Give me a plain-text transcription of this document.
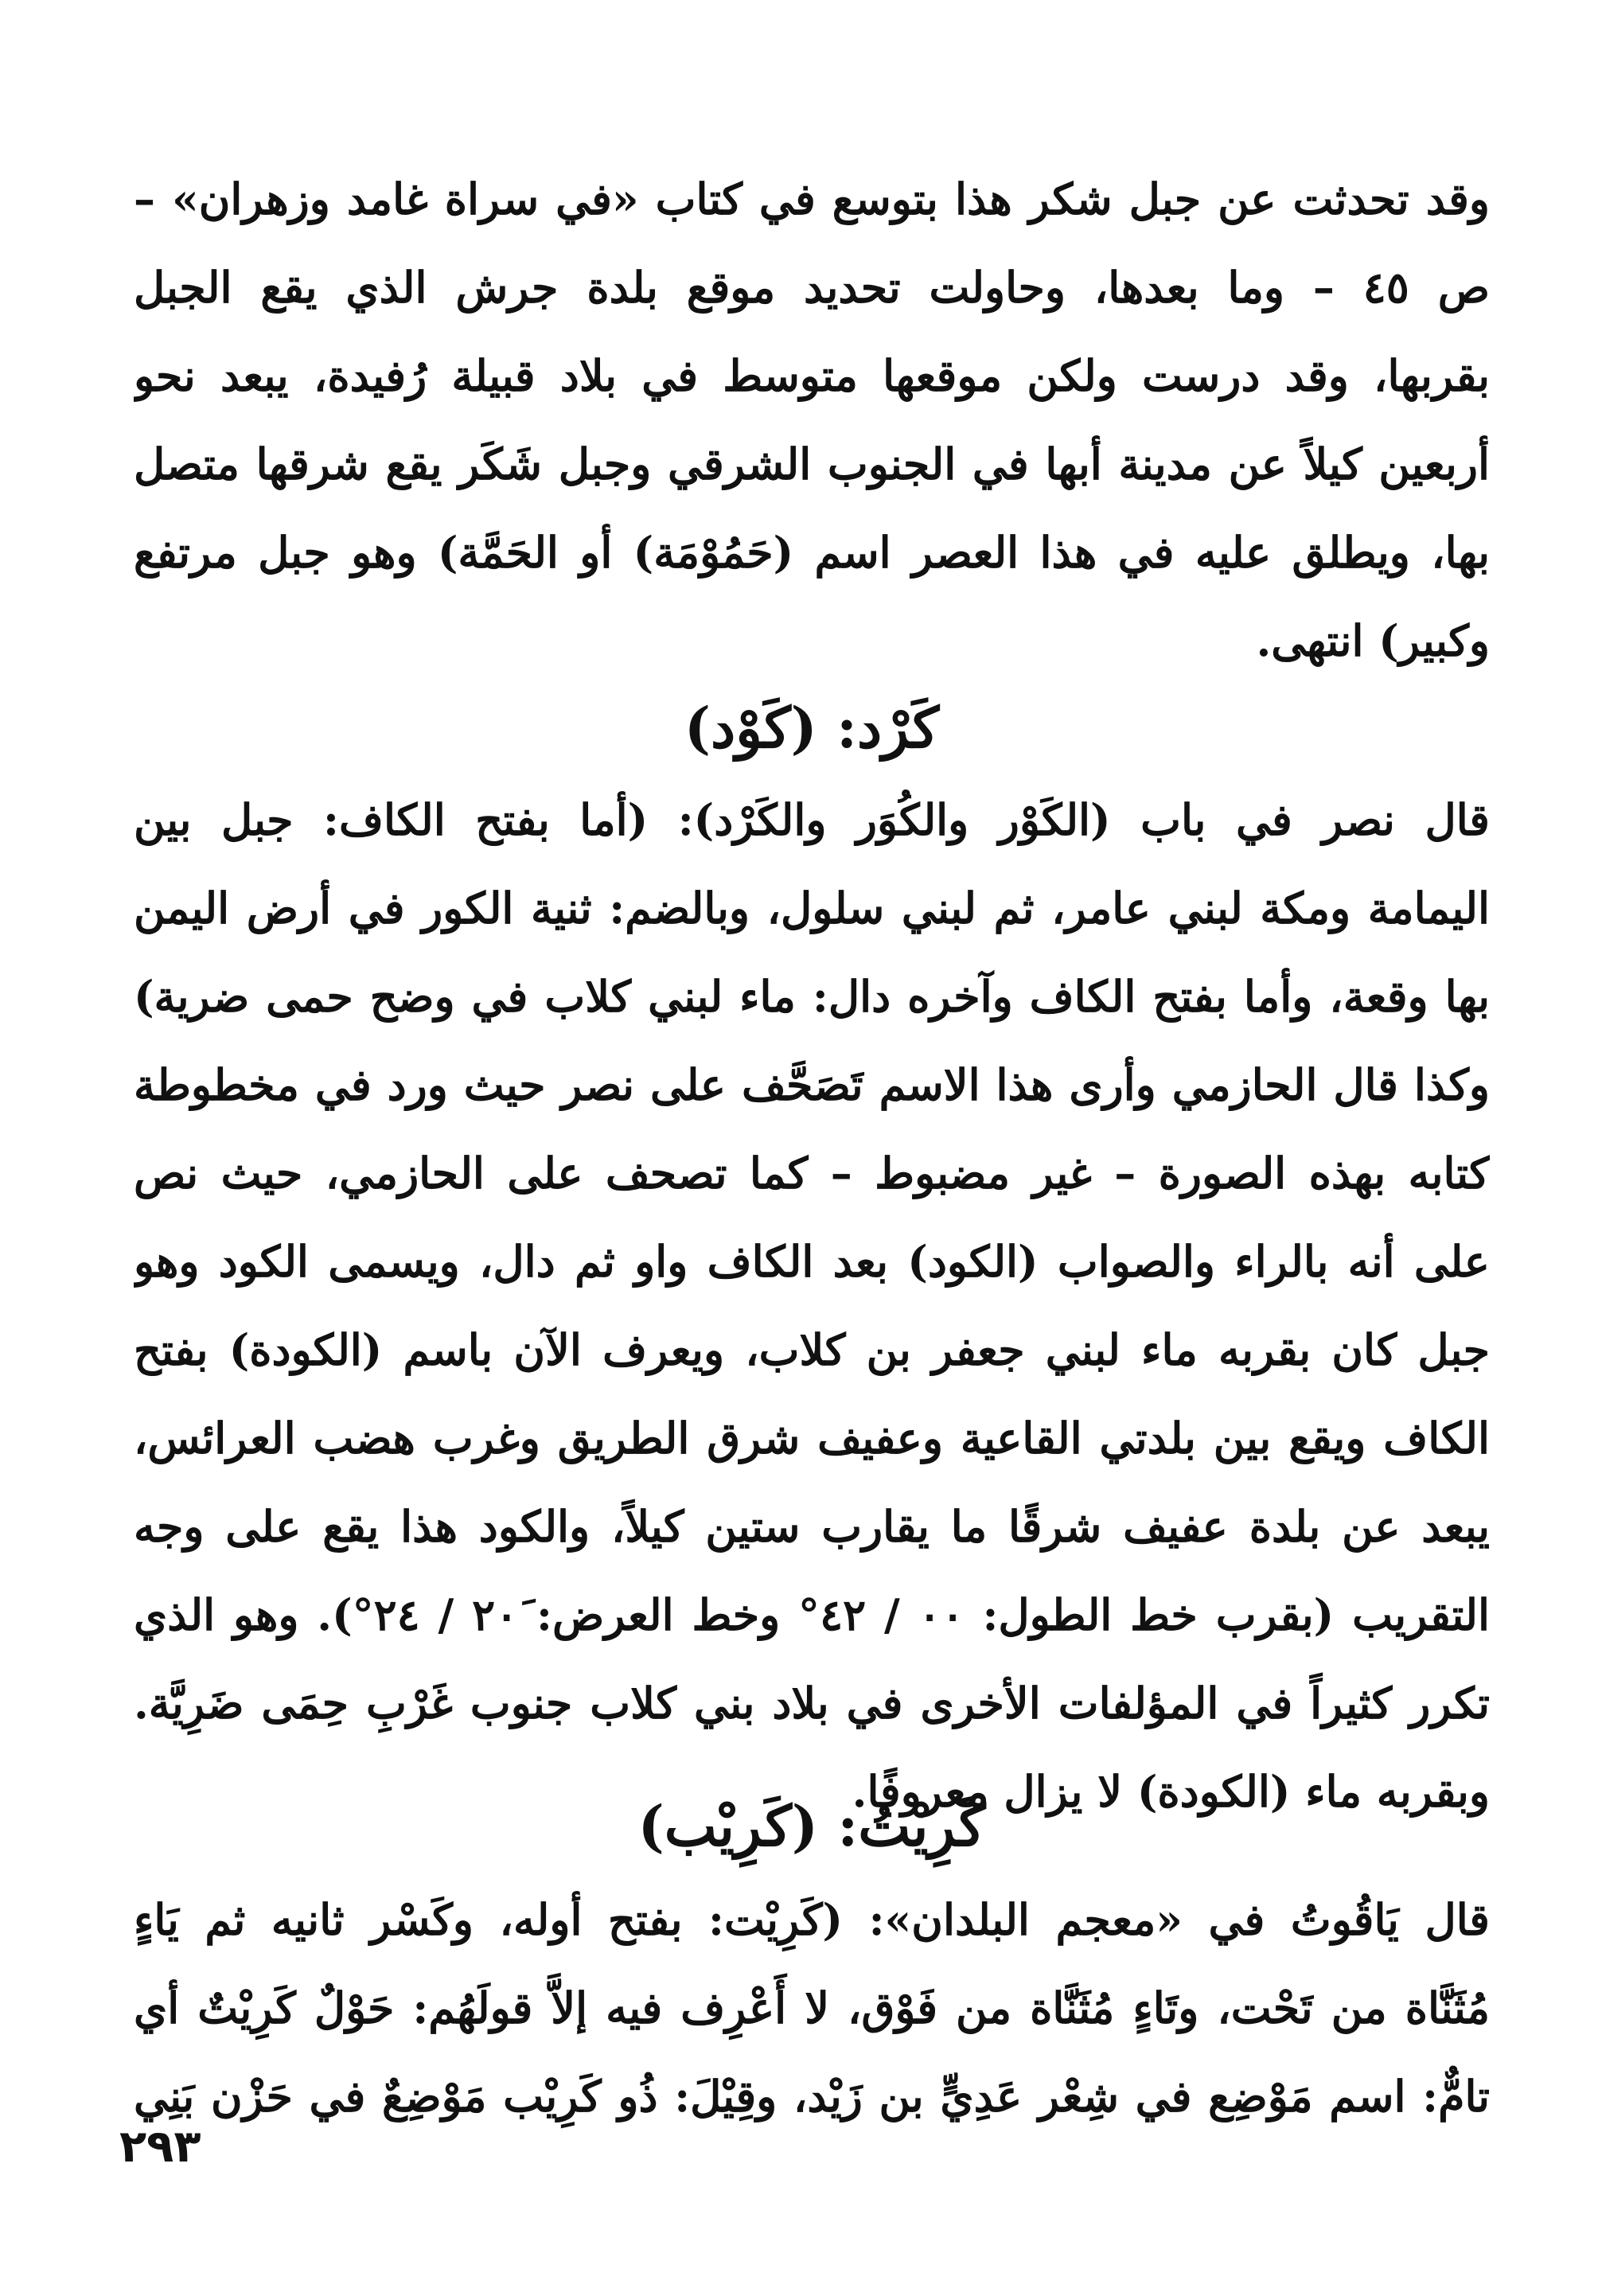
وقد تحدثت عن جبل شكر هذا بتوسع في كتاب «في سراة غامد وزهران» –
ص ٤٥ – وما بعدها، وحاولت تحديد موقع بلدة جرش الذي يقع الجبل
بقربها، وقد درست ولكن موقعها متوسط في بلاد قبيلة رُفيدة، يبعد نحو
أربعين كيلاً عن مدينة أبها في الجنوب الشرقي وجبل شَكَر يقع شرقها متصل
بها، ويطلق عليه في هذا العصر اسم (حَمُوْمَة) أو الحَمَّة) وهو جبل مرتفع
وكبير) انتهى.
كَرْد: (كَوْد)
قال نصر في باب (الكَوْر والكُوَر والكَرْد): (أما بفتح الكاف: جبل بين
اليمامة ومكة لبني عامر، ثم لبني سلول، وبالضم: ثنية الكور في أرض اليمن
بها وقعة، وأما بفتح الكاف وآخره دال: ماء لبني كلاب في وضح حمى ضرية)
وكذا قال الحازمي وأرى هذا الاسم تَصَحَّف على نصر حيث ورد في مخطوطة
كتابه بهذه الصورة – غير مضبوط – كما تصحف على الحازمي، حيث نص
على أنه بالراء والصواب (الكود) بعد الكاف واو ثم دال، ويسمى الكود وهو
جبل كان بقربه ماء لبني جعفر بن كلاب، ويعرف الآن باسم (الكودة) بفتح
الكاف ويقع بين بلدتي القاعية وعفيف شرق الطريق وغرب هضب العرائس،
يبعد عن بلدة عفيف شرقًا ما يقارب ستين كيلاً، والكود هذا يقع على وجه
التقريب (بقرب خط الطول: ٠٠ / ٤٢° وخط العرض: ٢٠َ / ٢٤°). وهو الذي
تكرر كثيراً في المؤلفات الأخرى في بلاد بني كلاب جنوب غَرْبِ حِمَى ضَرِيَّة.
وبقربه ماء (الكودة) لا يزال معروفًا.
كَرِيْتُ: (كَرِيْب)
قال يَاقُوتُ في «معجم البلدان»: (كَرِيْت: بفتح أوله، وكَسْر ثانيه ثم يَاءٍ
مُثَنَّاة من تَحْت، وتَاءٍ مُثَنَّاة من فَوْق، لا أَعْرِف فيه إلاَّ قولَهُم: حَوْلٌ كَرِيْتٌ أي
تامٌّ: اسم مَوْضِع في شِعْر عَدِيٍّ بن زَيْد، وقِيْلَ: ذُو كَرِيْب مَوْضِعٌ في حَزْن بَنِي
٢٩٣
